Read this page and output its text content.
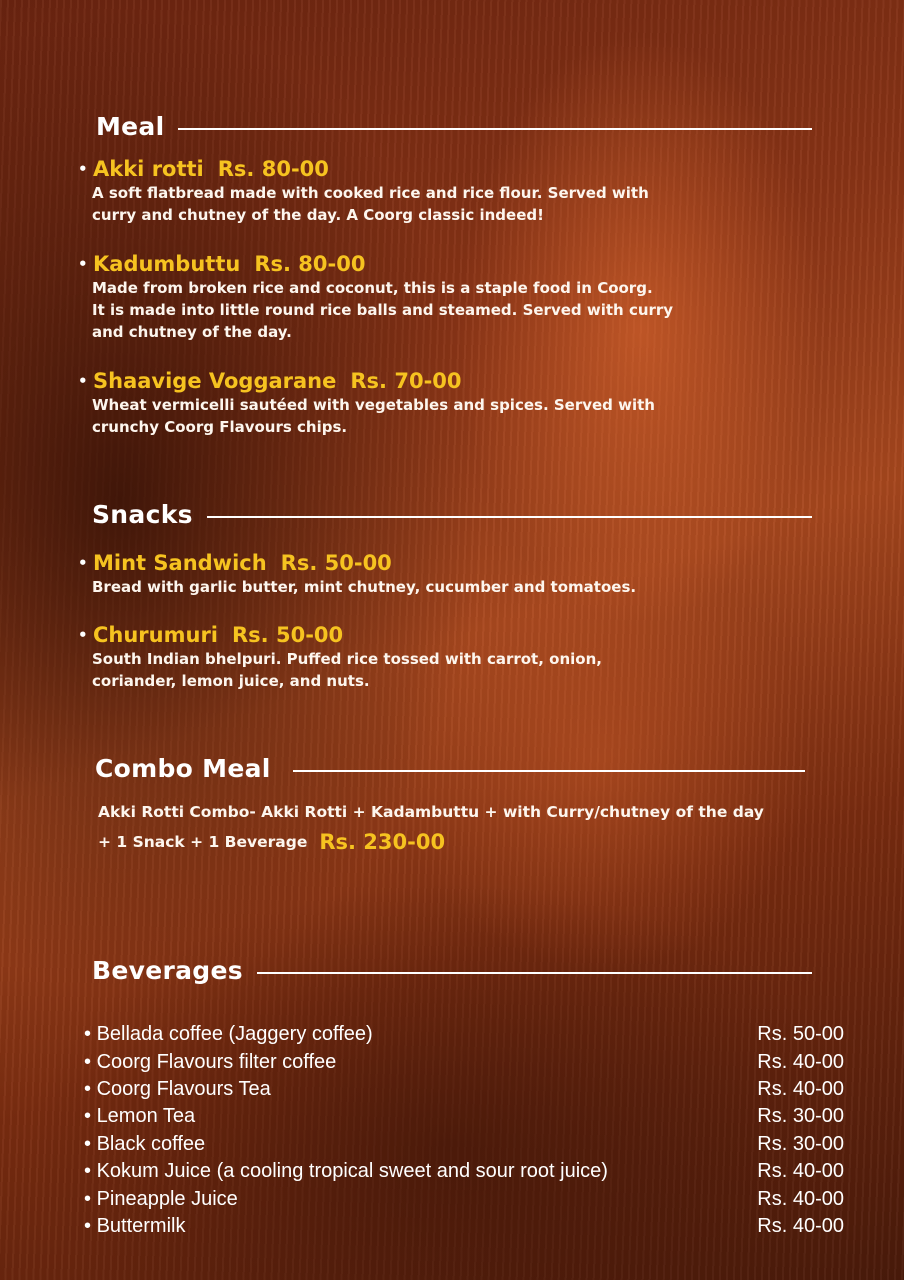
Meal
• Akki rotti Rs. 80-00
A soft flatbread made with cooked rice and rice flour. Served with
curry and chutney of the day. A Coorg classic indeed!
• Kadumbuttu Rs. 80-00
Made from broken rice and coconut, this is a staple food in Coorg.
It is made into little round rice balls and steamed. Served with curry
and chutney of the day.
• Shaavige Voggarane Rs. 70-00
Wheat vermicelli sautéed with vegetables and spices. Served with
crunchy Coorg Flavours chips.
Snacks
• Mint Sandwich Rs. 50-00
Bread with garlic butter, mint chutney, cucumber and tomatoes.
• Churumuri Rs. 50-00
South Indian bhelpuri. Puffed rice tossed with carrot, onion,
coriander, lemon juice, and nuts.
Combo Meal
Akki Rotti Combo- Akki Rotti + Kadambuttu + with Curry/chutney of the day
+ 1 Snack + 1 Beverage Rs. 230-00
Beverages
• Bellada coffee (Jaggery coffee)	Rs. 50-00
• Coorg Flavours filter coffee	Rs. 40-00
• Coorg Flavours Tea	Rs. 40-00
• Lemon Tea	Rs. 30-00
• Black coffee	Rs. 30-00
• Kokum Juice (a cooling tropical sweet and sour root juice)	Rs. 40-00
• Pineapple Juice	Rs. 40-00
• Buttermilk	Rs. 40-00
